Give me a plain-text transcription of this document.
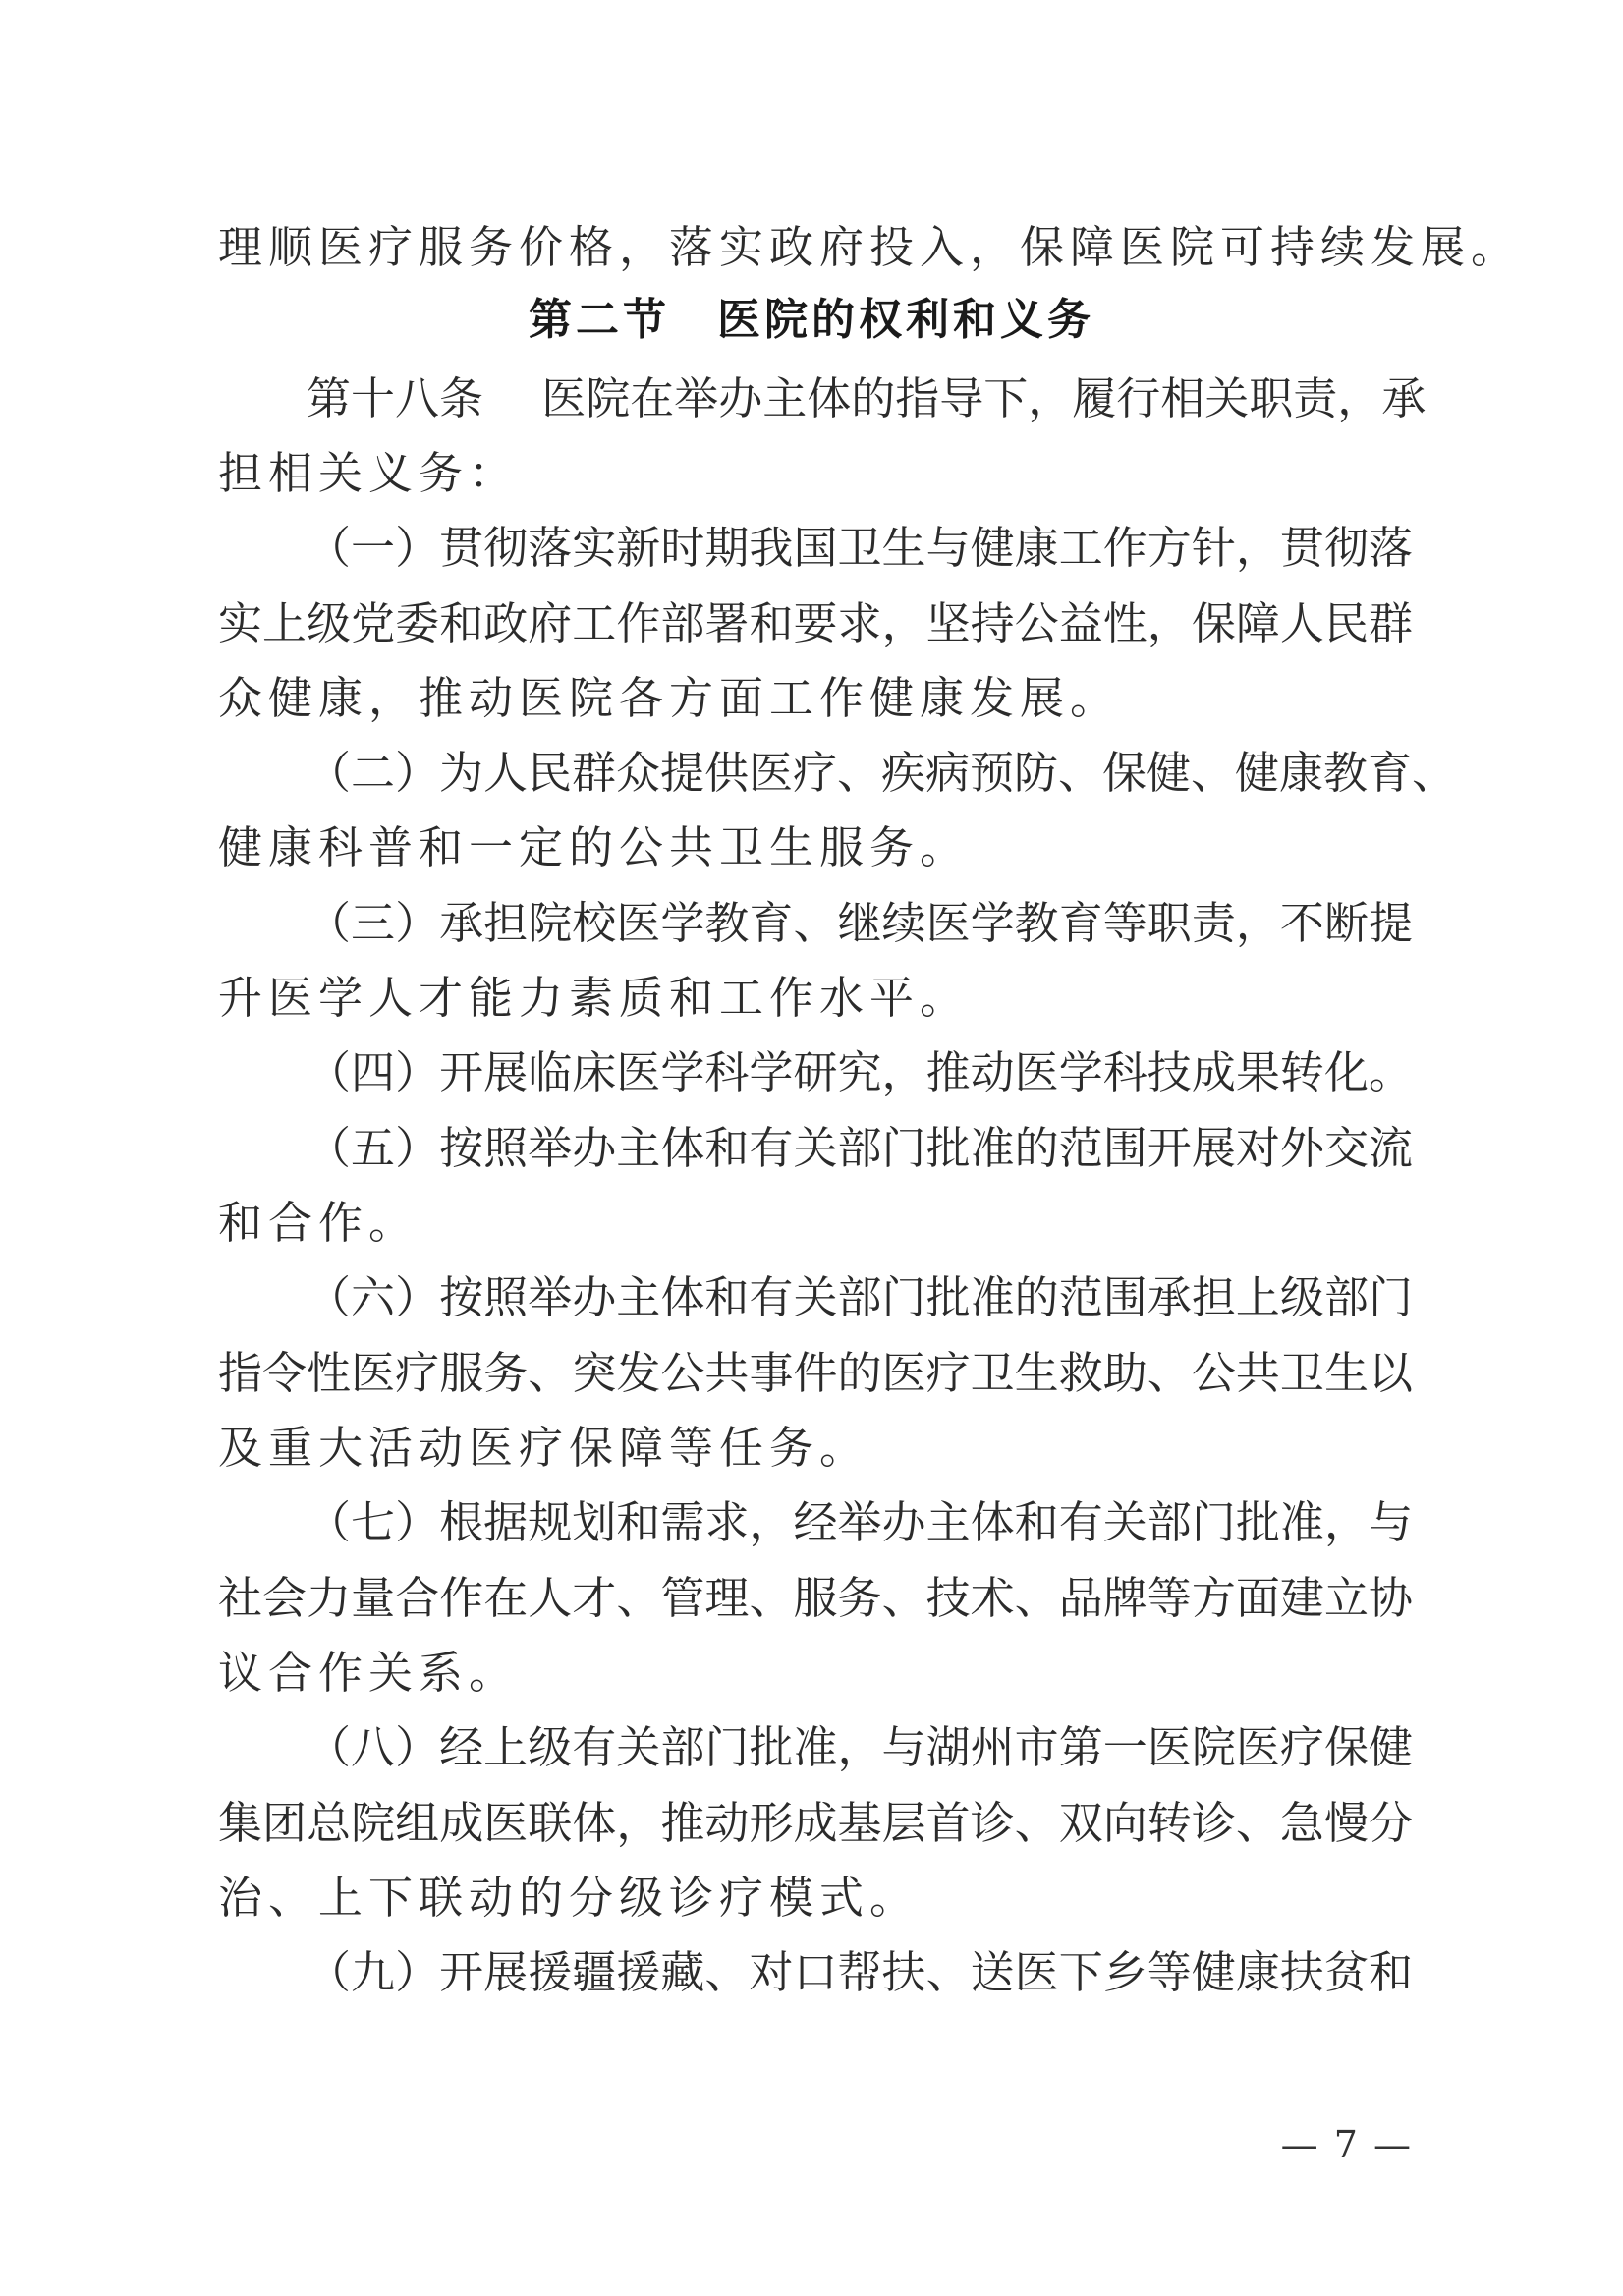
理顺医疗服务价格，落实政府投入，保障医院可持续发展。
第二节　医院的权利和义务
第十八条　 医院在举办主体的指导下，履行相关职责，承
担相关义务：
（一）贯彻落实新时期我国卫生与健康工作方针，贯彻落
实上级党委和政府工作部署和要求，坚持公益性，保障人民群
众健康，推动医院各方面工作健康发展。
（二）为人民群众提供医疗、疾病预防、保健、健康教育、
健康科普和一定的公共卫生服务。
（三）承担院校医学教育、继续医学教育等职责，不断提
升医学人才能力素质和工作水平。
（四）开展临床医学科学研究，推动医学科技成果转化。
（五）按照举办主体和有关部门批准的范围开展对外交流
和合作。
（六）按照举办主体和有关部门批准的范围承担上级部门
指令性医疗服务、突发公共事件的医疗卫生救助、公共卫生以
及重大活动医疗保障等任务。
（七）根据规划和需求，经举办主体和有关部门批准，与
社会力量合作在人才、管理、服务、技术、品牌等方面建立协
议合作关系。
（八）经上级有关部门批准，与湖州市第一医院医疗保健
集团总院组成医联体，推动形成基层首诊、双向转诊、急慢分
治、上下联动的分级诊疗模式。
（九）开展援疆援藏、对口帮扶、送医下乡等健康扶贫和
— 7 —
